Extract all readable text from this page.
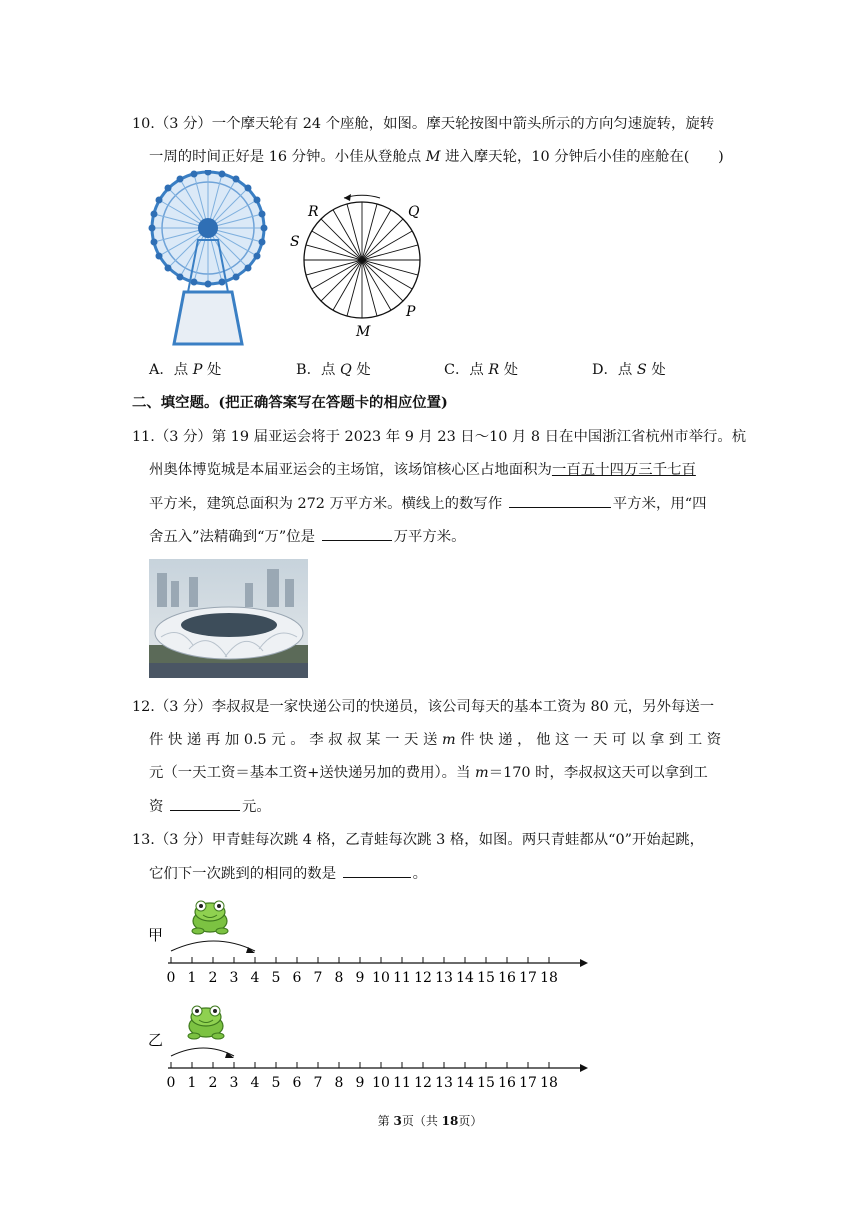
10.（3 分）一个摩天轮有 24 个座舱，如图。摩天轮按图中箭头所示的方向匀速旋转，旋转
一周的时间正好是 16 分钟。小佳从登舱点 M 进入摩天轮，10 分钟后小佳的座舱在(　　)
R	Q
S
P
M
A．点 P 处	B．点 Q 处	C．点 R 处	D．点 S 处
二、填空题。(把正确答案写在答题卡的相应位置)
11.（3 分）第 19 届亚运会将于 2023 年 9 月 23 日～10 月 8 日在中国浙江省杭州市举行。杭
州奥体博览城是本届亚运会的主场馆，该场馆核心区占地面积为一百五十四万三千七百
平方米，建筑总面积为 272 万平方米。横线上的数写作	平方米，用“四
舍五入”法精确到“万”位是	万平方米。
12.（3 分）李叔叔是一家快递公司的快递员，该公司每天的基本工资为 80 元，另外每送一
件 快 递 再 加 0.5 元 。 李 叔 叔 某 一 天 送 m 件 快 递 ， 他 这 一 天 可 以 拿 到 工 资
元（一天工资＝基本工资+送快递另加的费用）。当 m＝170 时，李叔叔这天可以拿到工
资	元。
13.（3 分）甲青蛙每次跳 4 格，乙青蛙每次跳 3 格，如图。两只青蛙都从“0”开始起跳，
它们下一次跳到的相同的数是	。
甲
0 1 2 3 4 5 6 7 8 9 10 11 12 13 14 15 16 17 18
乙
0 1 2 3 4 5 6 7 8 9 10 11 12 13 14 15 16 17 18
第 3页（共 18页）
